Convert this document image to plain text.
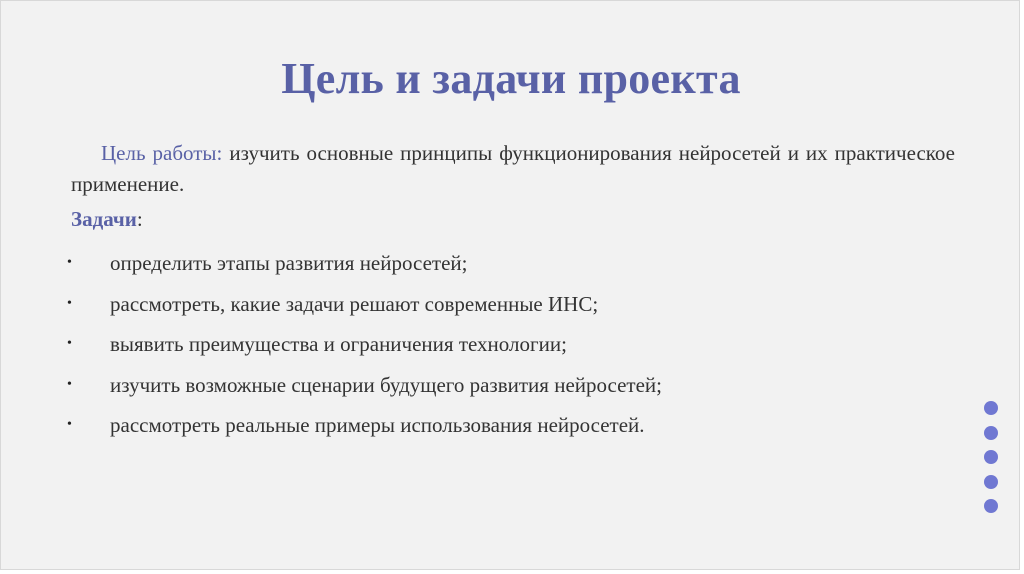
Цель и задачи проекта
Цель работы: изучить основные принципы функционирования нейросетей и их практическое применение.
Задачи:
•	определить этапы развития нейросетей;
•	рассмотреть, какие задачи решают современные ИНС;
•	выявить преимущества и ограничения технологии;
•	изучить возможные сценарии будущего развития нейросетей;
•	рассмотреть реальные примеры использования нейросетей.
